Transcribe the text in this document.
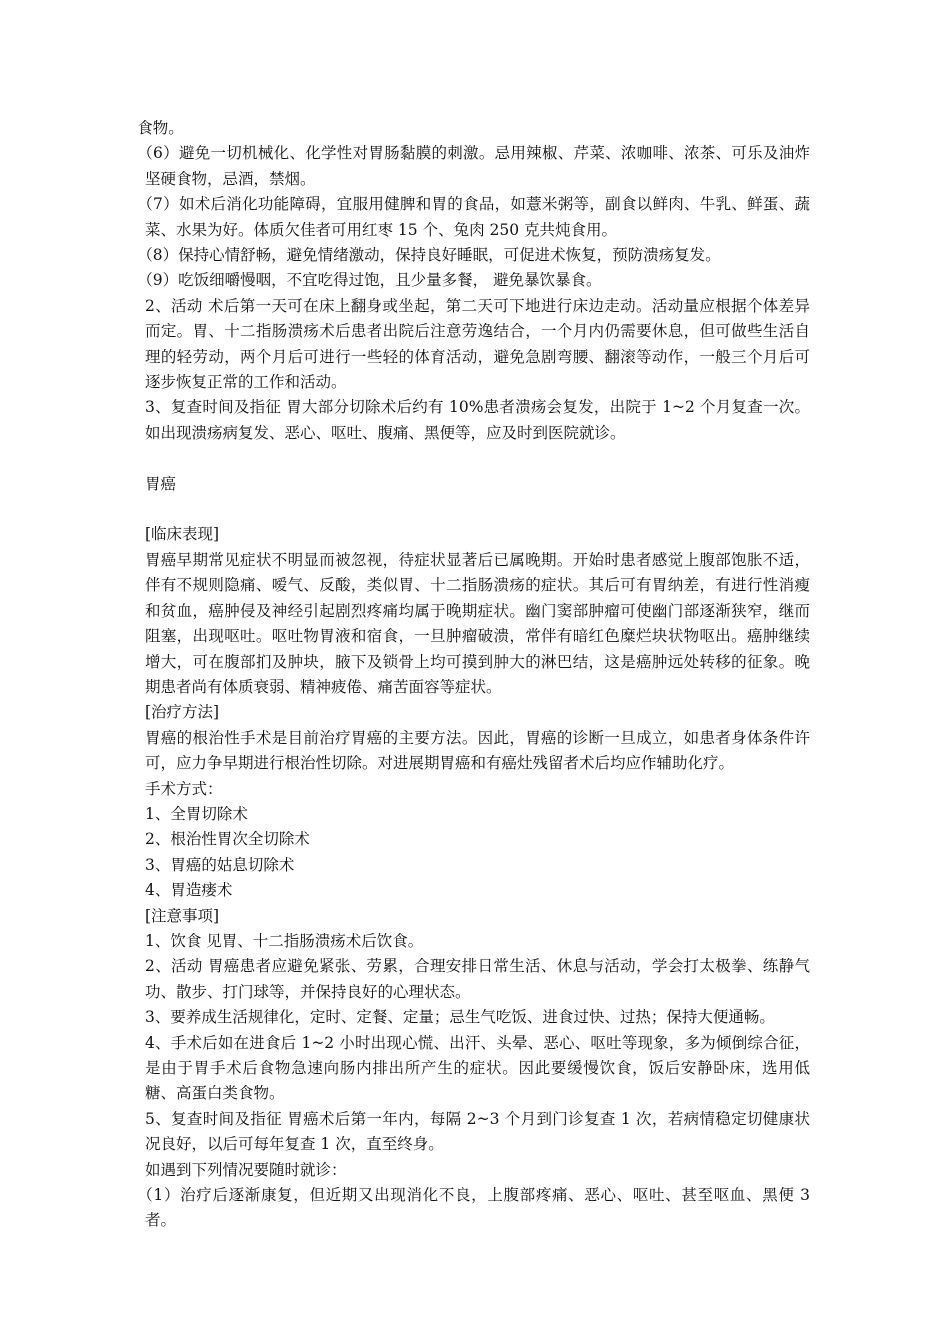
食物。

（6）避免一切机械化、化学性对胃肠黏膜的刺激。忌用辣椒、芹菜、浓咖啡、浓茶、可乐及油炸坚硬食物，忌酒，禁烟。

（7）如术后消化功能障碍，宜服用健脾和胃的食品，如薏米粥等，副食以鲜肉、牛乳、鲜蛋、蔬菜、水果为好。体质欠佳者可用红枣 15 个、兔肉 250 克共炖食用。

（8）保持心情舒畅，避免情绪激动，保持良好睡眠，可促进术恢复，预防溃疡复发。

（9）吃饭细嚼慢咽，不宜吃得过饱，且少量多餐， 避免暴饮暴食。

2、活动 术后第一天可在床上翻身或坐起，第二天可下地进行床边走动。活动量应根据个体差异而定。胃、十二指肠溃疡术后患者出院后注意劳逸结合，一个月内仍需要休息，但可做些生活自理的轻劳动，两个月后可进行一些轻的体育活动，避免急剧弯腰、翻滚等动作，一般三个月后可逐步恢复正常的工作和活动。

3、复查时间及指征 胃大部分切除术后约有 10%患者溃疡会复发，出院于 1~2 个月复查一次。如出现溃疡病复发、恶心、呕吐、腹痛、黑便等，应及时到医院就诊。

胃癌

[临床表现]

胃癌早期常见症状不明显而被忽视，待症状显著后已属晚期。开始时患者感觉上腹部饱胀不适，伴有不规则隐痛、嗳气、反酸，类似胃、十二指肠溃疡的症状。其后可有胃纳差，有进行性消瘦和贫血，癌肿侵及神经引起剧烈疼痛均属于晚期症状。幽门窦部肿瘤可使幽门部逐渐狭窄，继而阻塞，出现呕吐。呕吐物胃液和宿食，一旦肿瘤破溃，常伴有暗红色糜烂块状物呕出。癌肿继续增大，可在腹部扪及肿块，腋下及锁骨上均可摸到肿大的淋巴结，这是癌肿远处转移的征象。晚期患者尚有体质衰弱、精神疲倦、痛苦面容等症状。

[治疗方法]

胃癌的根治性手术是目前治疗胃癌的主要方法。因此，胃癌的诊断一旦成立，如患者身体条件许可，应力争早期进行根治性切除。对进展期胃癌和有癌灶残留者术后均应作辅助化疗。

手术方式：

1、全胃切除术

2、根治性胃次全切除术

3、胃癌的姑息切除术

4、胃造瘘术

[注意事项]

1、饮食 见胃、十二指肠溃疡术后饮食。

2、活动 胃癌患者应避免紧张、劳累，合理安排日常生活、休息与活动，学会打太极拳、练静气功、散步、打门球等，并保持良好的心理状态。

3、要养成生活规律化，定时、定餐、定量；忌生气吃饭、进食过快、过热；保持大便通畅。

4、手术后如在进食后 1~2 小时出现心慌、出汗、头晕、恶心、呕吐等现象，多为倾倒综合征，是由于胃手术后食物急速向肠内排出所产生的症状。因此要缓慢饮食，饭后安静卧床，选用低糖、高蛋白类食物。

5、复查时间及指征 胃癌术后第一年内，每隔 2~3 个月到门诊复查 1 次，若病情稳定切健康状况良好，以后可每年复查 1 次，直至终身。

如遇到下列情况要随时就诊：

（1）治疗后逐渐康复，但近期又出现消化不良，上腹部疼痛、恶心、呕吐、甚至呕血、黑便 3 者。
